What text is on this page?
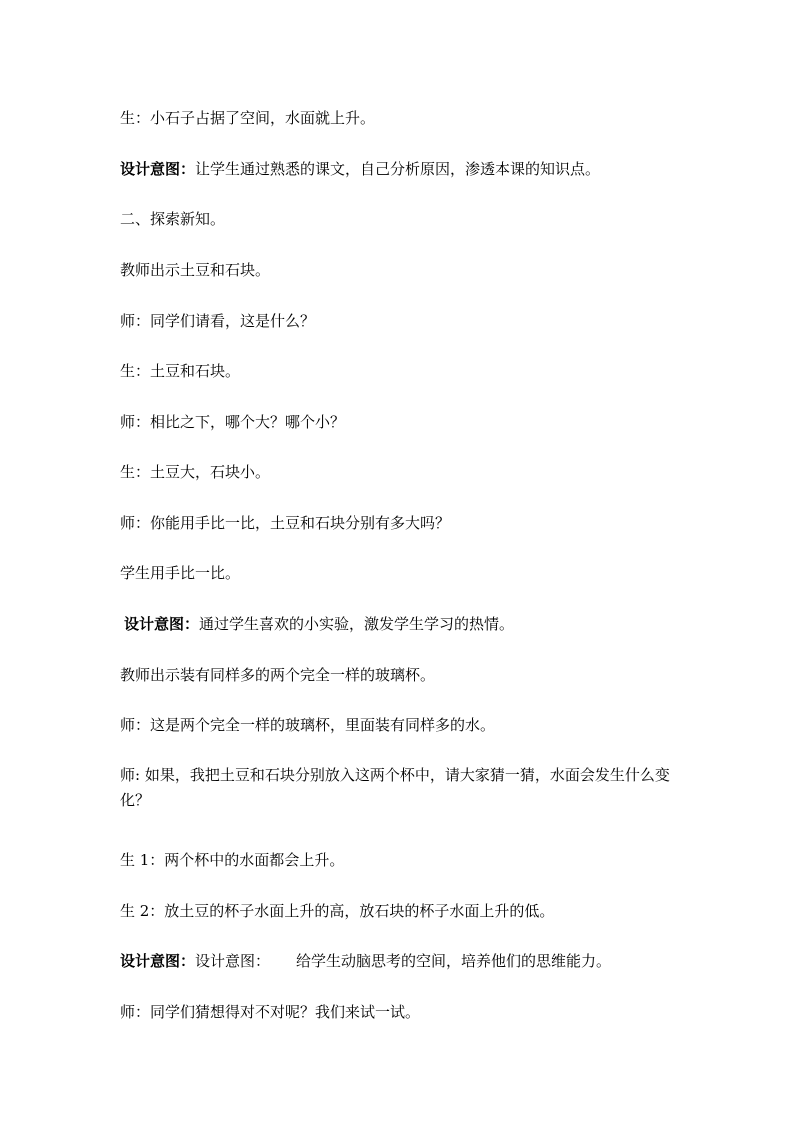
生：小石子占据了空间，水面就上升。
设计意图：让学生通过熟悉的课文，自己分析原因，渗透本课的知识点。
二、探索新知。
教师出示土豆和石块。
师：同学们请看，这是什么？
生：土豆和石块。
师：相比之下，哪个大？哪个小？
生：土豆大，石块小。
师：你能用手比一比，土豆和石块分别有多大吗？
学生用手比一比。
设计意图：通过学生喜欢的小实验，激发学生学习的热情。
教师出示装有同样多的两个完全一样的玻璃杯。
师：这是两个完全一样的玻璃杯，里面装有同样多的水。
师: 如果，我把土豆和石块分别放入这两个杯中，请大家猜一猜，水面会发生什么变化？
生 1：两个杯中的水面都会上升。
生 2：放土豆的杯子水面上升的高，放石块的杯子水面上升的低。
设计意图：设计意图： 给学生动脑思考的空间，培养他们的思维能力。
师：同学们猜想得对不对呢？我们来试一试。
